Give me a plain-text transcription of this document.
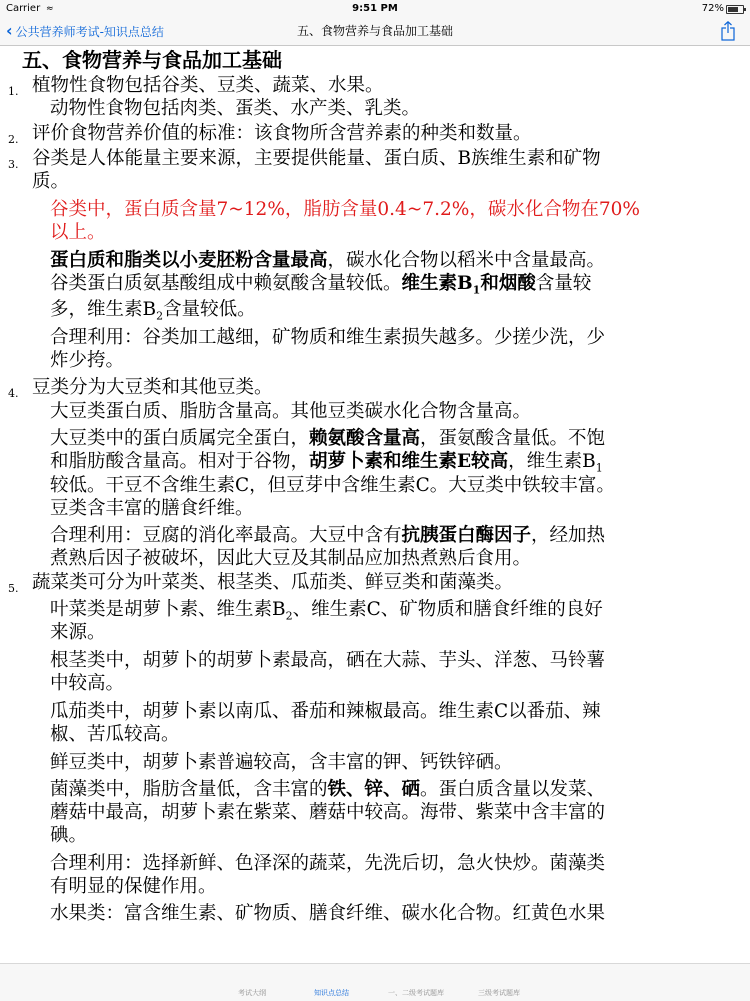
Carrier ≈	9:51 PM	72%
‹ 公共营养师考试-知识点总结	五、食物营养与食品加工基础
五、食物营养与食品加工基础
1. 植物性食物包括谷类、豆类、蔬菜、水果。
动物性食物包括肉类、蛋类、水产类、乳类。
2. 评价食物营养价值的标准：该食物所含营养素的种类和数量。
3. 谷类是人体能量主要来源，主要提供能量、蛋白质、B族维生素和矿物
质。
谷类中，蛋白质含量7~12%，脂肪含量0.4~7.2%，碳水化合物在70%
以上。
蛋白质和脂类以小麦胚粉含量最高，碳水化合物以稻米中含量最高。
谷类蛋白质氨基酸组成中赖氨酸含量较低。维生素$B_1$和烟酸含量较
多，维生素$B_2$含量较低。
合理利用：谷类加工越细，矿物质和维生素损失越多。少搓少洗，少
炸少挎。
4. 豆类分为大豆类和其他豆类。
大豆类蛋白质、脂肪含量高。其他豆类碳水化合物含量高。
大豆类中的蛋白质属完全蛋白，赖氨酸含量高，蛋氨酸含量低。不饱
和脂肪酸含量高。相对于谷物，胡萝卜素和维生素E较高，维生素$B_1$
较低。干豆不含维生素C，但豆芽中含维生素C。大豆类中铁较丰富。
豆类含丰富的膳食纤维。
合理利用：豆腐的消化率最高。大豆中含有抗胰蛋白酶因子，经加热
煮熟后因子被破坏，因此大豆及其制品应加热煮熟后食用。
5. 蔬菜类可分为叶菜类、根茎类、瓜茄类、鲜豆类和菌藻类。
叶菜类是胡萝卜素、维生素$B_2$、维生素C、矿物质和膳食纤维的良好
来源。
根茎类中，胡萝卜的胡萝卜素最高，硒在大蒜、芋头、洋葱、马铃薯
中较高。
瓜茄类中，胡萝卜素以南瓜、番茄和辣椒最高。维生素C以番茄、辣
椒、苦瓜较高。
鲜豆类中，胡萝卜素普遍较高，含丰富的钾、钙铁锌硒。
菌藻类中，脂肪含量低，含丰富的铁、锌、硒。蛋白质含量以发菜、
蘑菇中最高，胡萝卜素在紫菜、蘑菇中较高。海带、紫菜中含丰富的
碘。
合理利用：选择新鲜、色泽深的蔬菜，先洗后切，急火快炒。菌藻类
有明显的保健作用。
水果类：富含维生素、矿物质、膳食纤维、碳水化合物。红黄色水果
考试大纲	知识点总结	一、二级考试题库	三级考试题库
